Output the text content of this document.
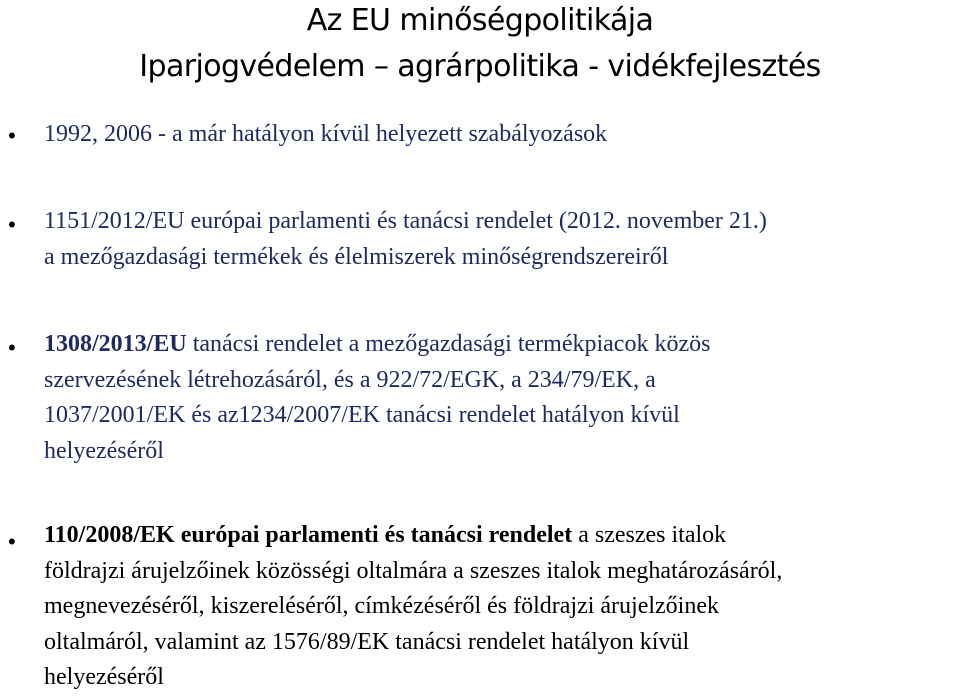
Az EU minőségpolitikája
Iparjogvédelem – agrárpolitika - vidékfejlesztés
• 1992, 2006 - a már hatályon kívül helyezett szabályozások
• 1151/2012/EU európai parlamenti és tanácsi rendelet (2012. november 21.)
a mezőgazdasági termékek és élelmiszerek minőségrendszereiről
• 1308/2013/EU tanácsi rendelet a mezőgazdasági termékpiacok közös
szervezésének létrehozásáról, és a 922/72/EGK, a 234/79/EK, a
1037/2001/EK és az1234/2007/EK tanácsi rendelet hatályon kívül
helyezéséről
• 110/2008/EK európai parlamenti és tanácsi rendelet a szeszes italok
földrajzi árujelzőinek közösségi oltalmára a szeszes italok meghatározásáról,
megnevezéséről, kiszereléséről, címkézéséről és földrajzi árujelzőinek
oltalmáról, valamint az 1576/89/EK tanácsi rendelet hatályon kívül
helyezéséről
